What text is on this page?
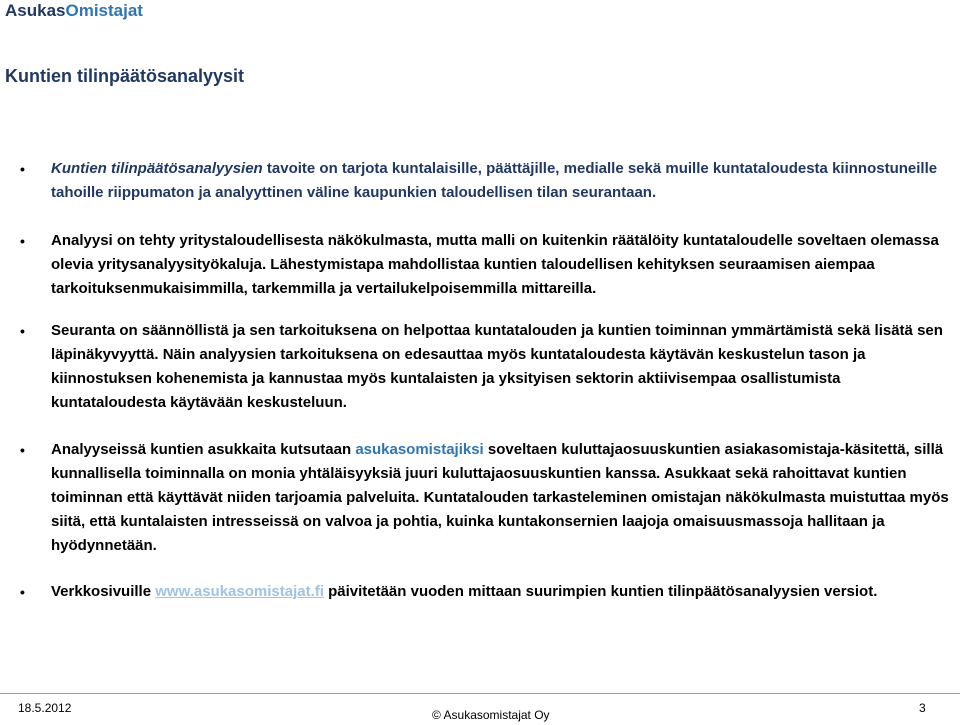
AsukasOmistajat
Kuntien tilinpäätösanalyysit
• Kuntien tilinpäätösanalyysien tavoite on tarjota kuntalaisille, päättäjille, medialle sekä muille kuntataloudesta kiinnostuneille tahoille riippumaton ja analyyttinen väline kaupunkien taloudellisen tilan seurantaan.
• Analyysi on tehty yritystaloudellisesta näkökulmasta, mutta malli on kuitenkin räätälöity kuntataloudelle soveltaen olemassa olevia yritysanalyysityökaluja. Lähestymistapa mahdollistaa kuntien taloudellisen kehityksen seuraamisen aiempaa tarkoituksenmukaisimmilla, tarkemmilla ja vertailukelpoisemmilla mittareilla.
• Seuranta on säännöllistä ja sen tarkoituksena on helpottaa kuntatalouden ja kuntien toiminnan ymmärtämistä sekä lisätä sen läpinäkyvyyttä. Näin analyysien tarkoituksena on edesauttaa myös kuntataloudesta käytävän keskustelun tason ja kiinnostuksen kohenemista ja kannustaa myös kuntalaisten ja yksityisen sektorin aktiivisempaa osallistumista kuntataloudesta käytävään keskusteluun.
• Analyyseissä kuntien asukkaita kutsutaan asukasomistajiksi soveltaen kuluttajaosuuskuntien asiakasomistaja-käsitettä, sillä kunnallisella toiminnalla on monia yhtäläisyyksiä juuri kuluttajaosuuskuntien kanssa. Asukkaat sekä rahoittavat kuntien toiminnan että käyttävät niiden tarjoamia palveluita. Kuntatalouden tarkasteleminen omistajan näkökulmasta muistuttaa myös siitä, että kuntalaisten intresseissä on valvoa ja pohtia, kuinka kuntakonsernien laajoja omaisuusmassoja hallitaan ja hyödynnetään.
• Verkkosivuille www.asukasomistajat.fi päivitetään vuoden mittaan suurimpien kuntien tilinpäätösanalyysien versiot.
18.5.2012	© Asukasomistajat Oy	3
